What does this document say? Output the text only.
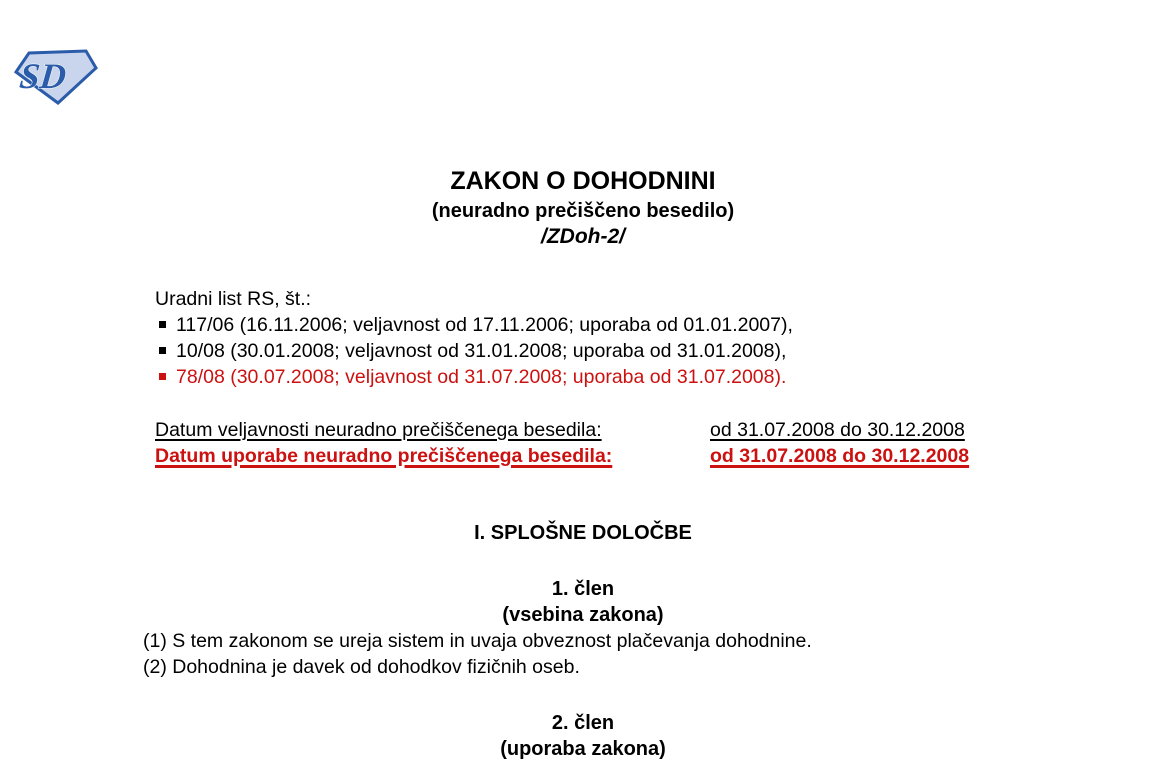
SD
ZAKON O DOHODNINI
(neuradno prečiščeno besedilo)
/ZDoh-2/
Uradni list RS, št.:
117/06 (16.11.2006; veljavnost od 17.11.2006; uporaba od 01.01.2007),
10/08 (30.01.2008; veljavnost od 31.01.2008; uporaba od 31.01.2008),
78/08 (30.07.2008; veljavnost od 31.07.2008; uporaba od 31.07.2008).
Datum veljavnosti neuradno prečiščenega besedila:	od 31.07.2008 do 30.12.2008
Datum uporabe neuradno prečiščenega besedila:	od 31.07.2008 do 30.12.2008
I. SPLOŠNE DOLOČBE
1. člen
(vsebina zakona)
(1) S tem zakonom se ureja sistem in uvaja obveznost plačevanja dohodnine.
(2) Dohodnina je davek od dohodkov fizičnih oseb.
2. člen
(uporaba zakona)
